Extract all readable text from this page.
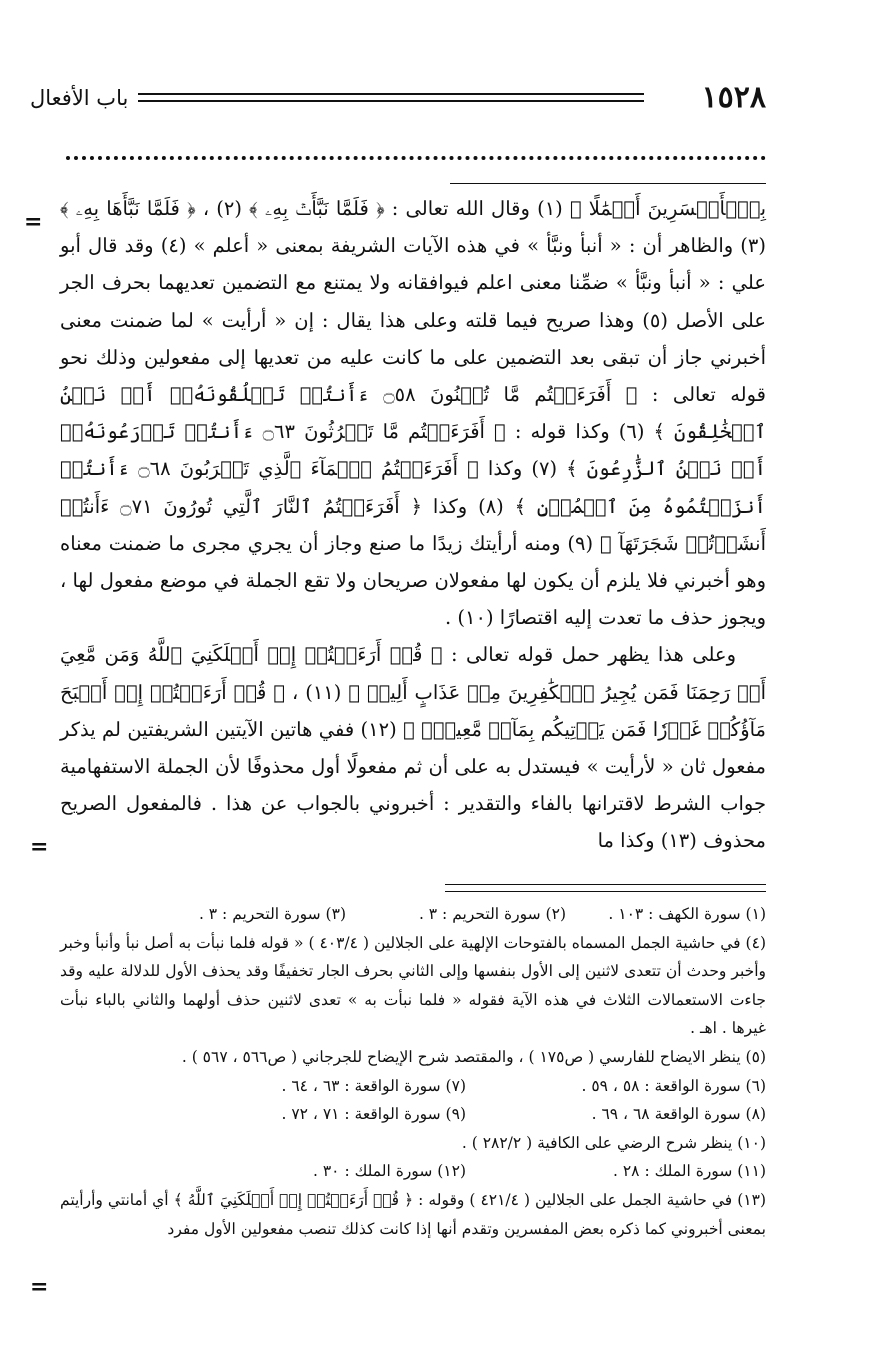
١٥٢٨
باب الأفعال
=

بِٱلۡأَخۡسَرِينَ أَعۡمَٰلًا ﴾ (١) وقال الله تعالى : ﴿ فَلَمَّا نَبَّأَتۡ بِهِۦ ﴾ (٢) ، ﴿ فَلَمَّا نَبَّأَهَا بِهِۦ ﴾ (٣) والظاهر أن : « أنبأ ونبَّأ » في هذه الآيات الشريفة بمعنى « أعلم » (٤) وقد قال أبو علي : « أنبأ ونبَّأ » ضمِّنا معنى اعلم فيوافقانه ولا يمتنع مع التضمين تعديهما بحرف الجر على الأصل (٥) وهذا صريح فيما قلته وعلى هذا يقال : إن « أرأيت » لما ضمنت معنى أخبرني جاز أن تبقى بعد التضمين على ما كانت عليه من تعديها إلى مفعولين وذلك نحو قوله تعالى : ﴿ أَفَرَءَيۡتُم مَّا تُمۡنُونَ ۝٥٨ ءَأَنتُمۡ تَخۡلُقُونَهُۥٓ أَمۡ نَحۡنُ ٱلۡخَٰلِقُونَ ﴾ (٦) وكذا قوله : ﴿ أَفَرَءَيۡتُم مَّا تَحۡرُثُونَ ۝٦٣ ءَأَنتُمۡ تَزۡرَعُونَهُۥٓ أَمۡ نَحۡنُ ٱلزَّٰرِعُونَ ﴾ (٧) وكذا ﴿ أَفَرَءَيۡتُمُ ٱلۡمَآءَ ٱلَّذِي تَشۡرَبُونَ ۝٦٨ ءَأَنتُمۡ أَنزَلۡتُمُوهُ مِنَ ٱلۡمُزۡنِ ﴾ (٨) وكذا ﴿ أَفَرَءَيۡتُمُ ٱلنَّارَ ٱلَّتِي تُورُونَ ۝٧١ ءَأَنتُمۡ أَنشَأۡتُمۡ شَجَرَتَهَآ ﴾ (٩) ومنه أرأيتك زيدًا ما صنع وجاز أن يجري مجرى ما ضمنت معناه وهو أخبرني فلا يلزم أن يكون لها مفعولان صريحان ولا تقع الجملة في موضع مفعول لها ، ويجوز حذف ما تعدت إليه اقتصارًا (١٠) .

وعلى هذا يظهر حمل قوله تعالى : ﴿ قُلۡ أَرَءَيۡتُمۡ إِنۡ أَهۡلَكَنِيَ ٱللَّهُ وَمَن مَّعِيَ أَوۡ رَحِمَنَا فَمَن يُجِيرُ ٱلۡكَٰفِرِينَ مِنۡ عَذَابٍ أَلِيمٖ ﴾ (١١) ، ﴿ قُلۡ أَرَءَيۡتُمۡ إِنۡ أَصۡبَحَ مَآؤُكُمۡ غَوۡرٗا فَمَن يَأۡتِيكُم بِمَآءٖ مَّعِينِۭ ﴾ (١٢) ففي هاتين الآيتين الشريفتين لم يذكر مفعول ثان « لأرأيت » فيستدل به على أن ثم مفعولًا أول محذوفًا لأن الجملة الاستفهامية جواب الشرط لاقترانها بالفاء والتقدير : أخبروني بالجواب عن هذا . فالمفعول الصريح محذوف (١٣) وكذا ما

=
(١) سورة الكهف : ١٠٣ .
(٢) سورة التحريم : ٣ .
(٣) سورة التحريم : ٣ .

(٤) في حاشية الجمل المسماه بالفتوحات الإلهية على الجلالين ( ٤٠٣/٤ ) « قوله فلما نبأت به أصل نبأ وأنبأ وخبر وأخبر وحدث أن تتعدى لاثنين إلى الأول بنفسها وإلى الثاني بحرف الجار تخفيفًا وقد يحذف الأول للدلالة عليه وقد جاءت الاستعمالات الثلاث في هذه الآية فقوله « فلما نبأت به » تعدى لاثنين حذف أولهما والثاني بالباء نبأت غيرها . اهـ .

(٥) ينظر الايضاح للفارسي ( ص١٧٥ ) ، والمقتصد شرح الإيضاح للجرجاني ( ص٥٦٦ ، ٥٦٧ ) .

(٦) سورة الواقعة : ٥٨ ، ٥٩ .
(٧) سورة الواقعة : ٦٣ ، ٦٤ .
(٨) سورة الواقعة ٦٨ ، ٦٩ .
(٩) سورة الواقعة : ٧١ ، ٧٢ .

(١٠) ينظر شرح الرضي على الكافية ( ٢٨٢/٢ ) .

(١١) سورة الملك : ٢٨ .
(١٢) سورة الملك : ٣٠ .

(١٣) في حاشية الجمل على الجلالين ( ٤٢١/٤ ) وقوله : ﴿ قُلۡ أَرَءَيۡتُمۡ إِنۡ أَهۡلَكَنِيَ ٱللَّهُ ﴾ أي أمانتي وأرأيتم بمعنى أخبروني كما ذكره بعض المفسرين وتقدم أنها إذا كانت كذلك تنصب مفعولين الأول مفرد

=
